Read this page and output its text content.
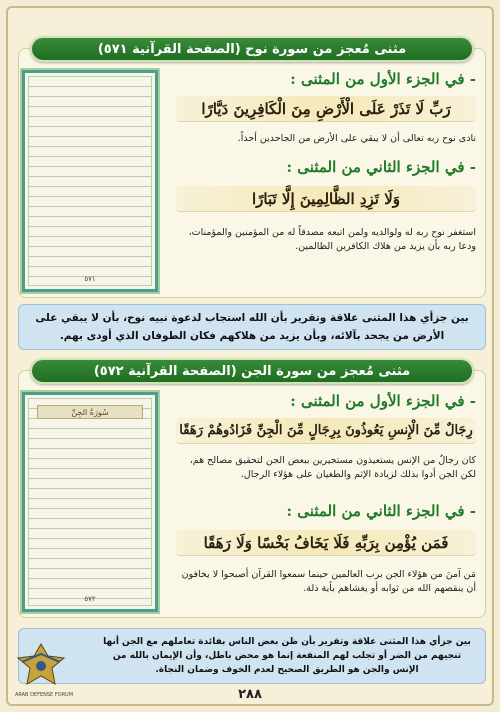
مثنى مُعجز من سورة نوح (الصفحة القرآنية ٥٧١)
٥٧١
- في الجزء الأول من المثنى :
رَبِّ لَا تَذَرْ عَلَى الْأَرْضِ مِنَ الْكَافِرِينَ دَيَّارًا
نادى نوح ربه تعالى أن لا يبقي على الأرض من الجاحدين أحداً.
- في الجزء الثاني من المثنى :
وَلَا تَزِدِ الظَّالِمِينَ إِلَّا تَبَارًا
استغفر نوح ربه له ولوالديه ولمن اتبعه مصدقاً له من المؤمنين والمؤمنات، ودعا ربه بأن يزيد من هلاك الكافرين الظالمين.
بين جزأي هذا المثنى علاقة وتقرير بأن الله استجاب لدعوة نبيه نوح، بأن لا يبقي على الأرض من يجحد بآلائه، وبأن يزيد من هلاكهم فكان الطوفان الذي أودى بهم.
مثنى مُعجز من سورة الجن (الصفحة القرآنية ٥٧٢)
سُورَةُ الجِنِّ
٥٧٢
- في الجزء الأول من المثنى :
رِجَالٌ مِّنَ الْإِنسِ يَعُوذُونَ بِرِجَالٍ مِّنَ الْجِنِّ فَزَادُوهُمْ رَهَقًا
كان رجالٌ من الإنس يستعيذون مستجيرين ببعض الجن لتحقيق مصالح هم، لكن الجن أدوا بذلك لزيادة الإثم والطغيان على هؤلاء الرجال.
- في الجزء الثاني من المثنى :
فَمَن يُؤْمِن بِرَبِّهِ فَلَا يَخَافُ بَخْسًا وَلَا رَهَقًا
مَن آمنَ من هؤلاء الجن برب العالمين حينما سمعوا القرآن أصبحوا لا يخافون أن ينقصهم الله من ثوابه أو يغشاهم بأية ذلة.
بين جزأي هذا المثنى علاقة وتقرير بأن ظن بعض الناس بفائدة تعاملهم مع الجن أنها تنجيهم من الضر أو تجلب لهم المنفعة إنما هو محض باطل، وأن الإيمان بالله من الإنس والجن هو الطريق الصحيح لعدم الخوف وضمان النجاة.
ARAB DEFENSE FORUM	٢٨٨
